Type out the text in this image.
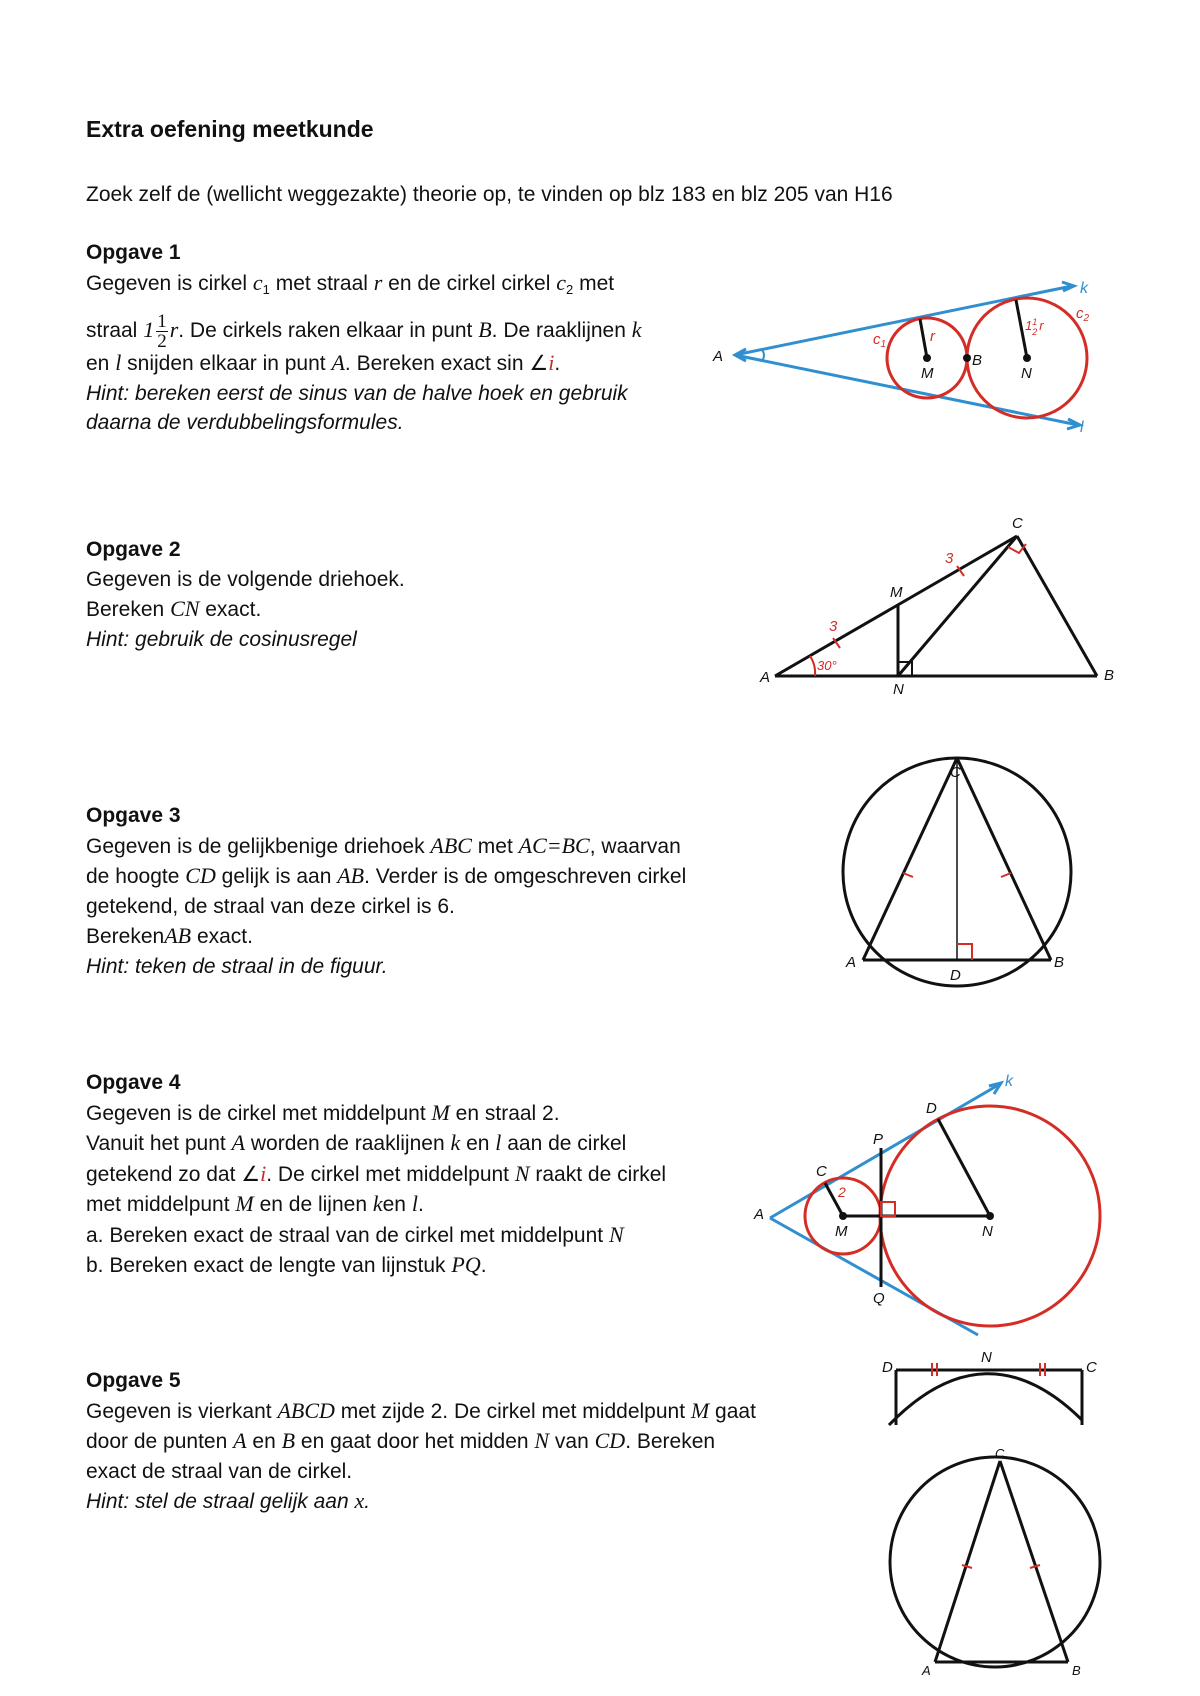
Extra oefening meetkunde
Zoek zelf de (wellicht weggezakte) theorie op, te vinden op blz 183 en blz 205 van H16
Opgave 1
Gegeven is cirkel $c_1$ met straal r en de cirkel cirkel $c_2$ met
straal $1 \frac{1}{2} r$. De cirkels raken elkaar in punt B. De raaklijnen k
en l snijden elkaar in punt A. Bereken exact sin ∠i.
Hint: bereken eerst de sinus van de halve hoek en gebruik
daarna de verdubbelingsformules.
Opgave 2
Gegeven is de volgende driehoek.
Bereken CN exact.
Hint: gebruik de cosinusregel
Opgave 3
Gegeven is de gelijkbenige driehoek ABC met AC=BC, waarvan
de hoogte CD gelijk is aan AB. Verder is de omgeschreven cirkel
getekend, de straal van deze cirkel is 6.
BerekenAB exact.
Hint: teken de straal in de figuur.
Opgave 4
Gegeven is de cirkel met middelpunt M en straal 2.
Vanuit het punt A worden de raaklijnen k en l aan de cirkel
getekend zo dat ∠i. De cirkel met middelpunt N raakt de cirkel
met middelpunt M en de lijnen ken l.
a. Bereken exact de straal van de cirkel met middelpunt N
b. Bereken exact de lengte van lijnstuk PQ.
Opgave 5
Gegeven is vierkant ABCD met zijde 2. De cirkel met middelpunt M gaat
door de punten A en B en gaat door het midden N van CD. Bereken
exact de straal van de cirkel.
Hint: stel de straal gelijk aan x.
A
M
B
N
k
l
$c_1$
$c_2$
r
$1^1$ 2 r
A	B
C
M
N
3
3
30°
A	B
C
D
A
C
D
P
Q
M	N
k
2
D
N
C
A	B
C
